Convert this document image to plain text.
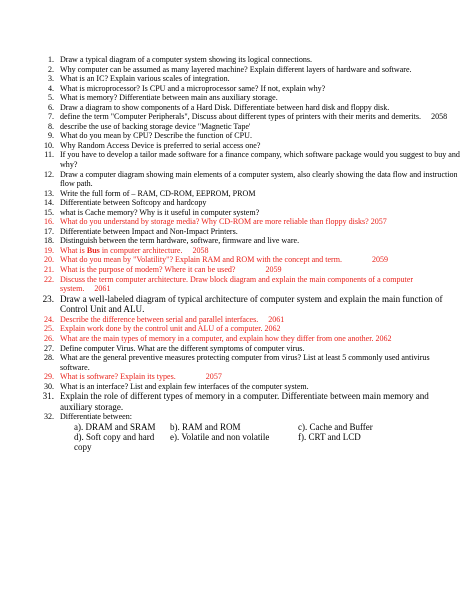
1. Draw a typical diagram of a computer system showing its logical connections.
2. Why computer can be assumed as many layered machine? Explain different layers of hardware and software.
3. What is an IC? Explain various scales of integration.
4. What is microprocessor? Is CPU and a microprocessor same? If not, explain why?
5. What is memory? Differentiate between main ans auxiliary storage.
6. Draw a diagram to show components of a Hard Disk. Differentiate between hard disk and floppy disk.
7. define the term "Computer Peripherals", Discuss about different types of printers with their merits and demerits. 2058
8. describe the use of backing storage device "Magnetic Tape'
9. What do you mean by CPU? Describe the function of CPU.
10. Why Random Access Device is preferred to serial access one?
11. If you have to develop a tailor made software for a finance company, which software package would you suggest to buy and why?
12. Draw a computer diagram showing main elements of a computer system, also clearly showing the data flow and instruction flow path.
13. Write the full form of – RAM, CD-ROM, EEPROM, PROM
14. Differentiate between Softcopy and hardcopy
15. what is Cache memory? Why is it useful in computer system?
16. What do you understand by storage media? Why CD-ROM are more reliable than floppy disks? 2057
17. Differentiate between Impact and Non-Impact Printers.
18. Distinguish between the term hardware, software, firmware and live ware.
19. What is Bus in computer architecture. 2058
20. What do you mean by "Volatility"? Explain RAM and ROM with the concept and term.	2059
21. What is the purpose of modem? Where it can be used?	2059
22. Discuss the term computer architecture. Draw block diagram and explain the main components of a computer system. 2061
23. Draw a well-labeled diagram of typical architecture of computer system and explain the main function of Control Unit and ALU.
24. Describe the difference between serial and parallel interfaces. 2061
25. Explain work done by the control unit and ALU of a computer. 2062
26. What are the main types of memory in a computer, and explain how they differ from one another. 2062
27. Define computer Virus. What are the different symptoms of computer virus.
28. What are the general preventive measures protecting computer from virus? List at least 5 commonly used antivirus software.
29. What is software? Explain its types.	2057
30. What is an interface? List and explain few interfaces of the computer system.
31. Explain the role of different types of memory in a computer. Differentiate between main memory and auxiliary storage.
32. Differentiate between:
a). DRAM and SRAM	b). RAM and ROM	c). Cache and Buffer
d). Soft copy and hard copy
e). Volatile and non volatile	f). CRT and LCD
